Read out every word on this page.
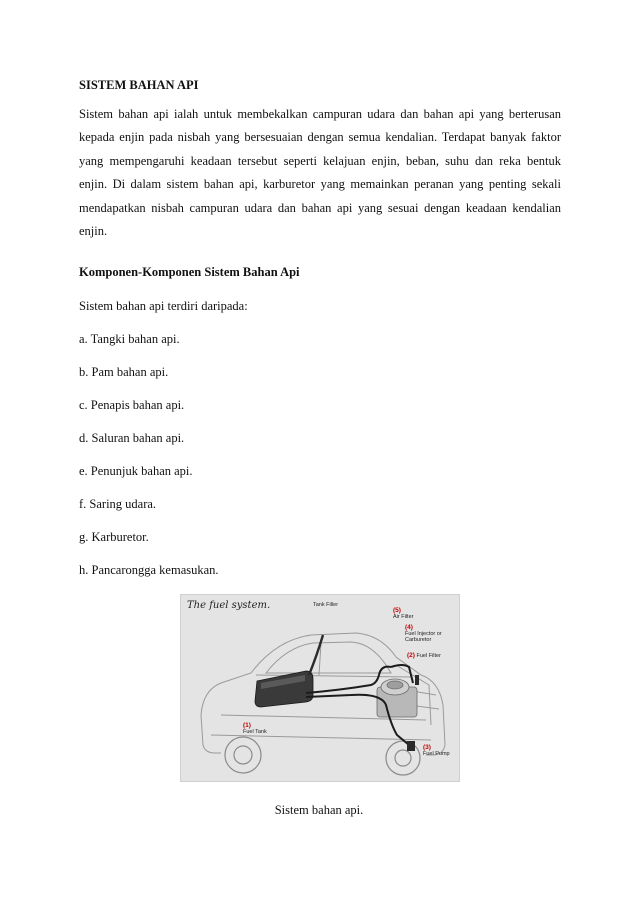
SISTEM BAHAN API
Sistem bahan api ialah untuk membekalkan campuran udara dan bahan api yang berterusan
kepada enjin pada nisbah yang bersesuaian dengan semua kendalian. Terdapat banyak faktor
yang mempengaruhi keadaan tersebut seperti kelajuan enjin, beban, suhu dan reka bentuk
enjin. Di dalam sistem bahan api, karburetor yang memainkan peranan yang penting sekali
mendapatkan nisbah campuran udara dan bahan api yang sesuai dengan keadaan kendalian
enjin.
Komponen-Komponen Sistem Bahan Api
Sistem bahan api terdiri daripada:
a. Tangki bahan api.
b. Pam bahan api.
c. Penapis bahan api.
d. Saluran bahan api.
e. Penunjuk bahan api.
f. Saring udara.
g. Karburetor.
h. Pancarongga kemasukan.
The fuel system.	Tank Filler
(5)
Air Filter
(4)
Fuel Injector or
Carburetor
(2) Fuel Filter
(1)
Fuel Tank
(3)
Fuel Pump
Sistem bahan api.
